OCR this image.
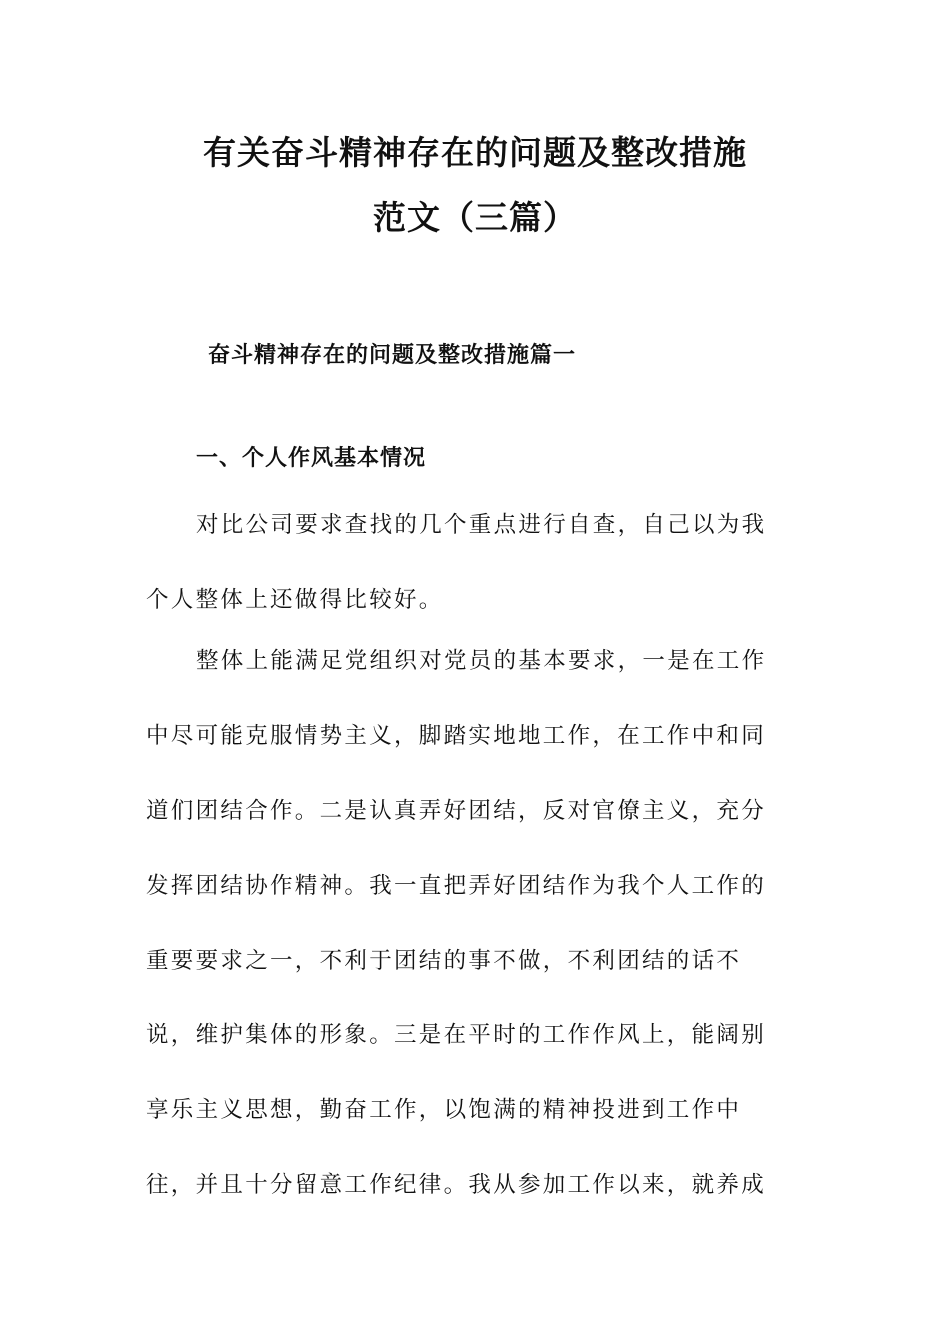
有关奋斗精神存在的问题及整改措施
范文（三篇）
奋斗精神存在的问题及整改措施篇一
一、个人作风基本情况
对比公司要求查找的几个重点进行自查，自己以为我
个人整体上还做得比较好。
整体上能满足党组织对党员的基本要求，一是在工作
中尽可能克服情势主义，脚踏实地地工作，在工作中和同
道们团结合作。二是认真弄好团结，反对官僚主义，充分
发挥团结协作精神。我一直把弄好团结作为我个人工作的
重要要求之一，不利于团结的事不做，不利团结的话不
说，维护集体的形象。三是在平时的工作作风上，能阔别
享乐主义思想，勤奋工作，以饱满的精神投进到工作中
往，并且十分留意工作纪律。我从参加工作以来，就养成
